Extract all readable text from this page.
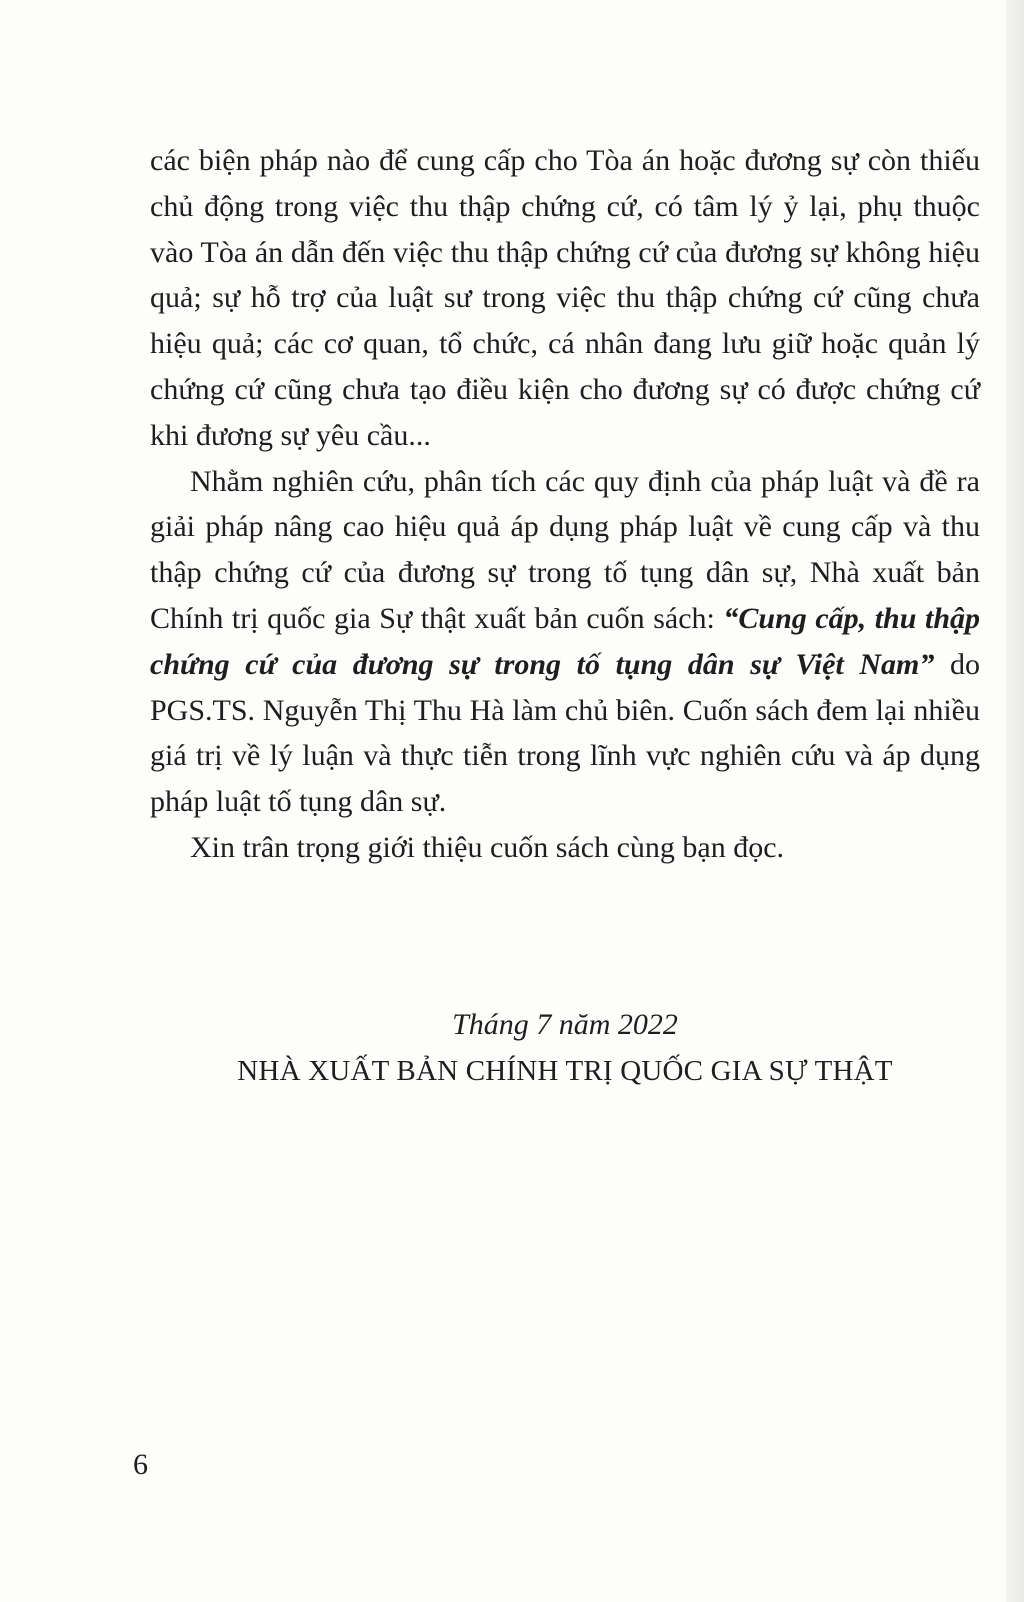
các biện pháp nào để cung cấp cho Tòa án hoặc đương sự còn thiếu chủ động trong việc thu thập chứng cứ, có tâm lý ỷ lại, phụ thuộc vào Tòa án dẫn đến việc thu thập chứng cứ của đương sự không hiệu quả; sự hỗ trợ của luật sư trong việc thu thập chứng cứ cũng chưa hiệu quả; các cơ quan, tổ chức, cá nhân đang lưu giữ hoặc quản lý chứng cứ cũng chưa tạo điều kiện cho đương sự có được chứng cứ khi đương sự yêu cầu...

Nhằm nghiên cứu, phân tích các quy định của pháp luật và đề ra giải pháp nâng cao hiệu quả áp dụng pháp luật về cung cấp và thu thập chứng cứ của đương sự trong tố tụng dân sự, Nhà xuất bản Chính trị quốc gia Sự thật xuất bản cuốn sách: “Cung cấp, thu thập chứng cứ của đương sự trong tố tụng dân sự Việt Nam” do PGS.TS. Nguyễn Thị Thu Hà làm chủ biên. Cuốn sách đem lại nhiều giá trị về lý luận và thực tiễn trong lĩnh vực nghiên cứu và áp dụng pháp luật tố tụng dân sự.

Xin trân trọng giới thiệu cuốn sách cùng bạn đọc.

Tháng 7 năm 2022
NHÀ XUẤT BẢN CHÍNH TRỊ QUỐC GIA SỰ THẬT
6
